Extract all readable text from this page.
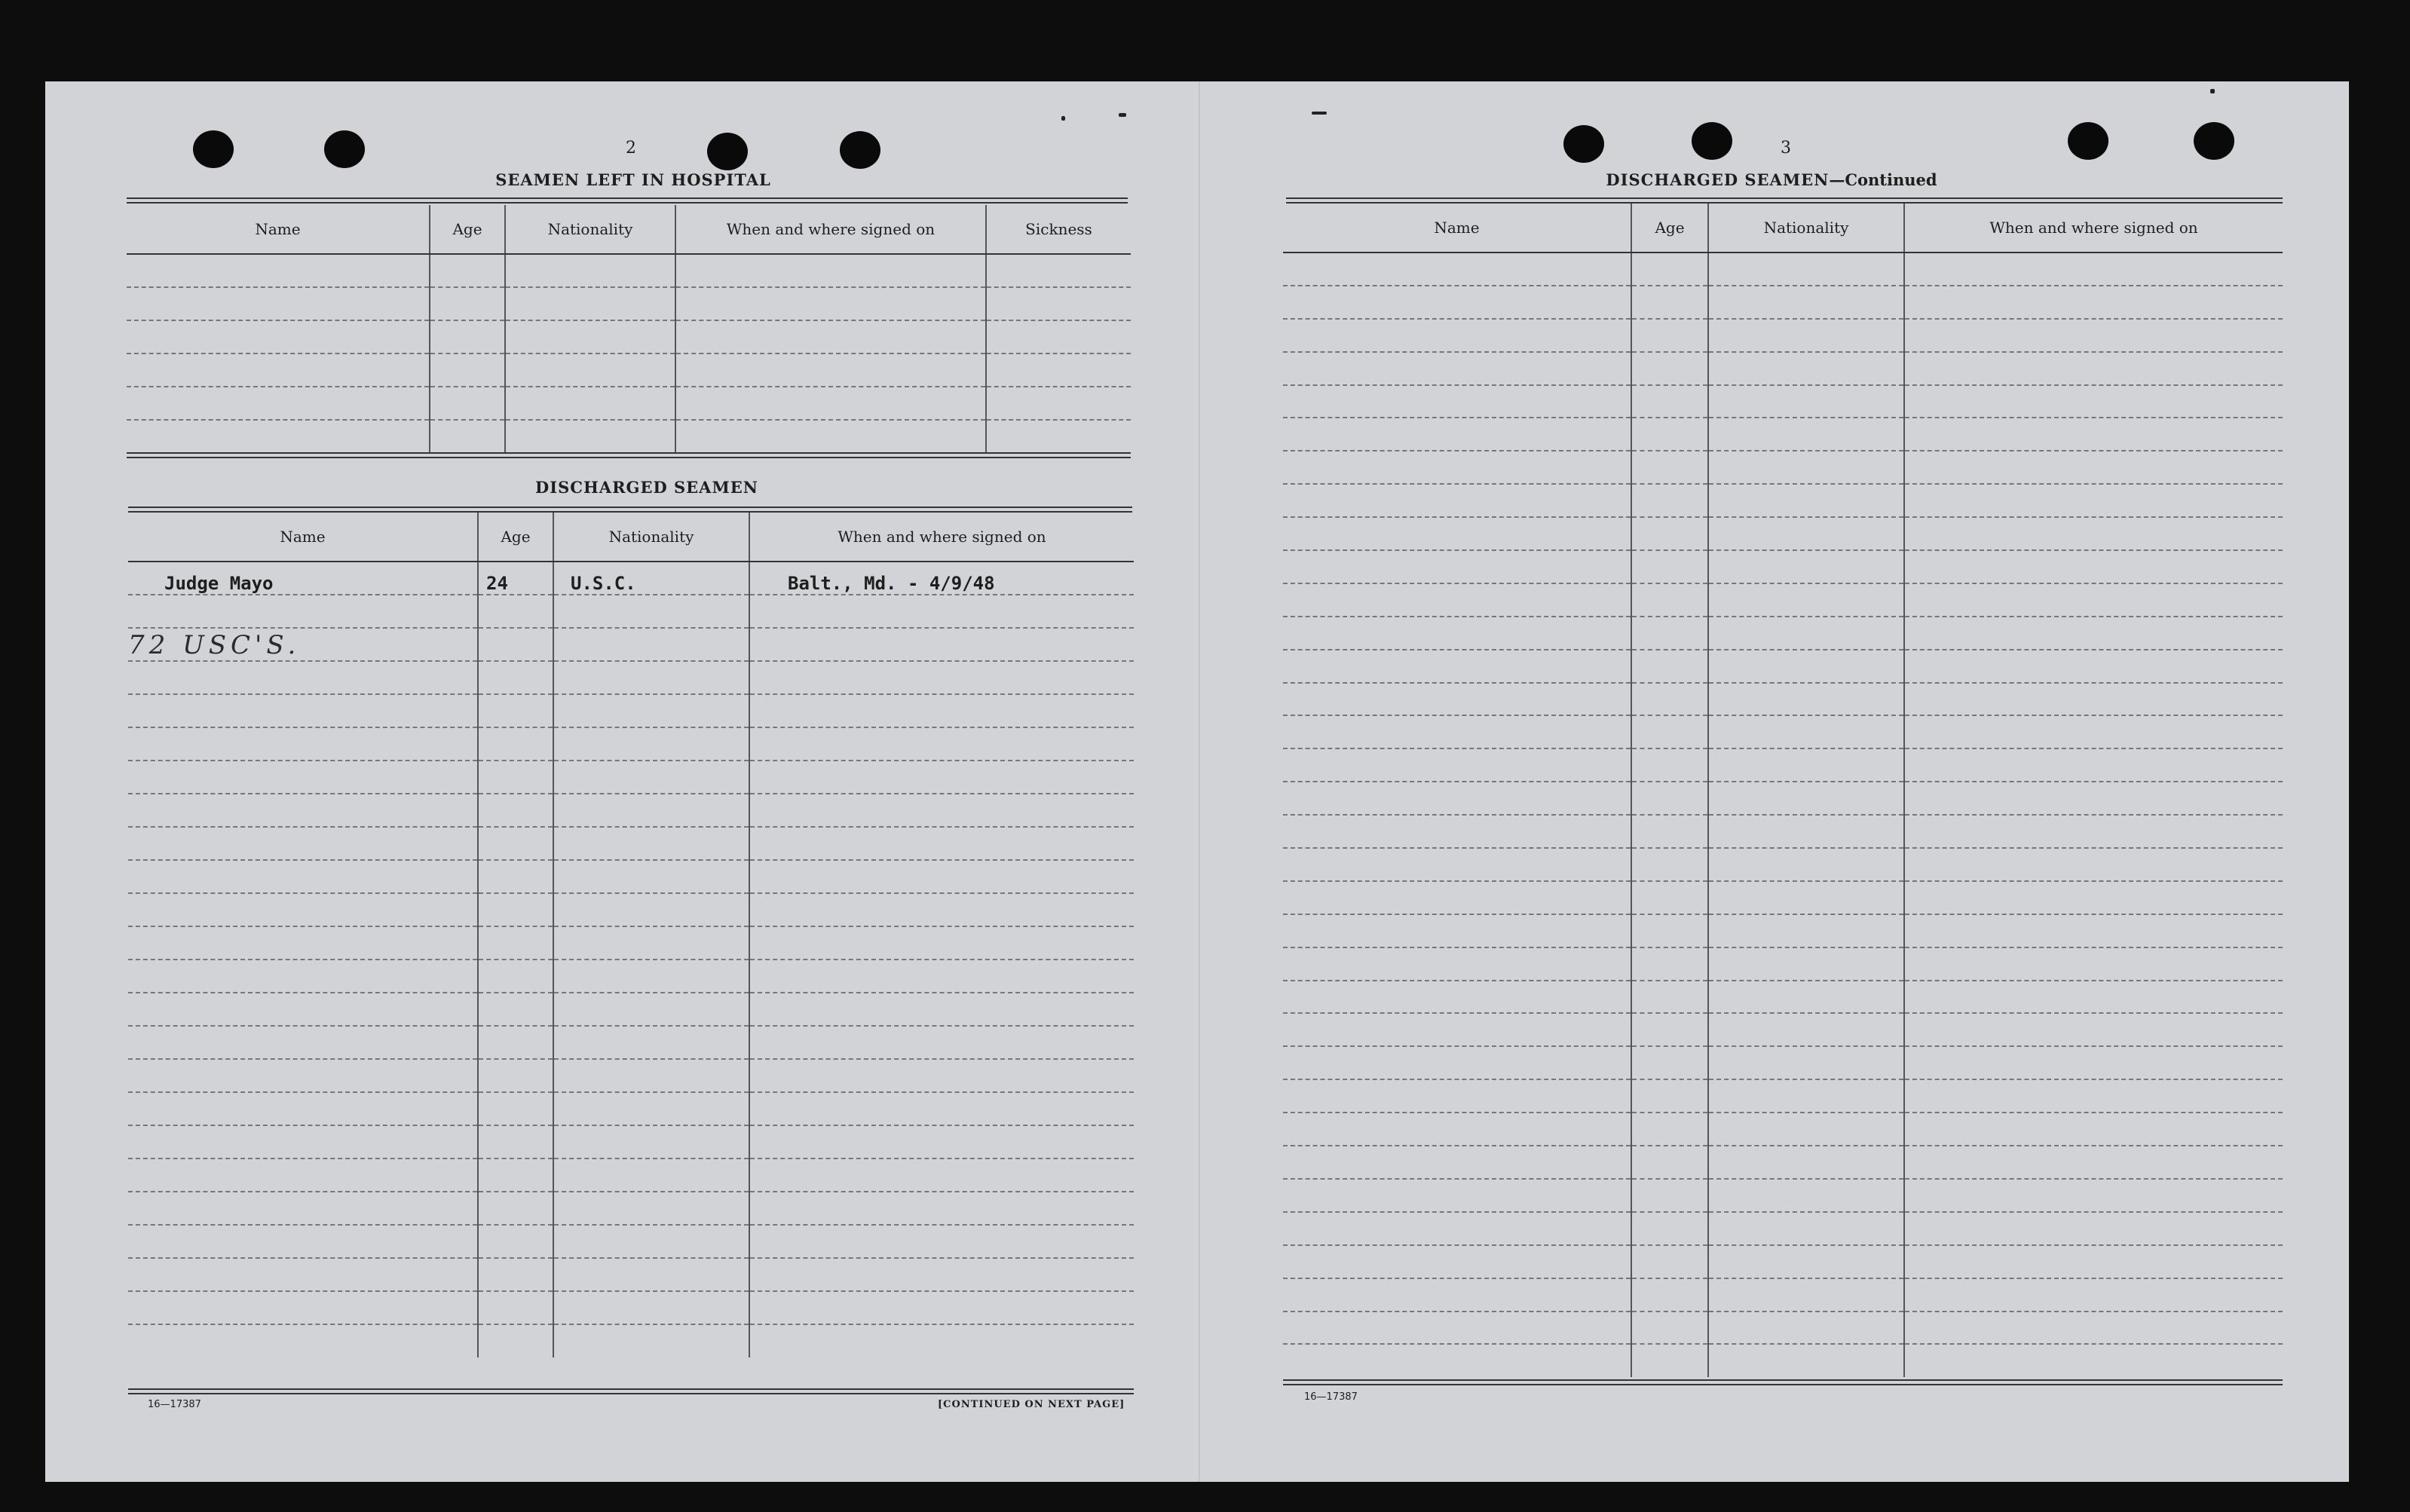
2
SEAMEN LEFT IN HOSPITAL
Name	Age	Nationality	When and where signed on	Sickness

DISCHARGED SEAMEN
Name	Age	Nationality	When and where signed on
Judge Mayo	24	U.S.C.	Balt., Md. - 4/9/48

72 USC'S.
16—17387	[CONTINUED ON NEXT PAGE]
3
DISCHARGED SEAMEN—Continued
Name	Age	Nationality	When and where signed on

16—17387
